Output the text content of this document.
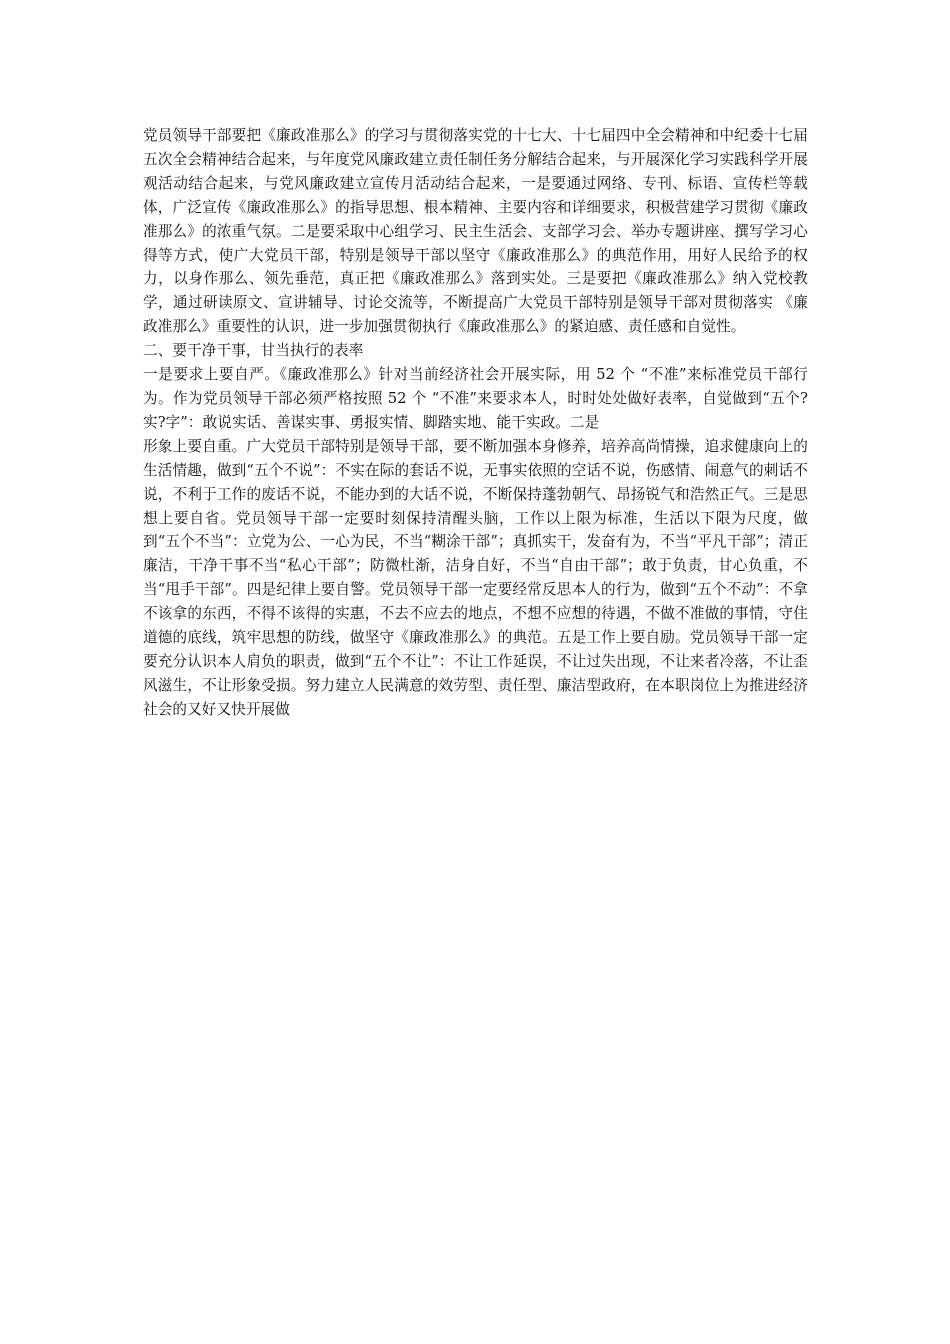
党员领导干部要把《廉政准那么》的学习与贯彻落实党的十七大、十七届四中全会精神和中纪委十七届五次全会精神结合起来，与年度党风廉政建立责任制任务分解结合起来，与开展深化学习实践科学开展观活动结合起来，与党风廉政建立宣传月活动结合起来，一是要通过网络、专刊、标语、宣传栏等载体，广泛宣传《廉政准那么》的指导思想、根本精神、主要内容和详细要求，积极营建学习贯彻《廉政准那么》的浓重气氛。二是要采取中心组学习、民主生活会、支部学习会、举办专题讲座、撰写学习心得等方式，使广大党员干部，特别是领导干部以坚守《廉政准那么》的典范作用，用好人民给予的权力，以身作那么、领先垂范，真正把《廉政准那么》落到实处。三是要把《廉政准那么》纳入党校教学，通过研读原文、宣讲辅导、讨论交流等，不断提高广大党员干部特别是领导干部对贯彻落实 《廉政准那么》重要性的认识，进一步加强贯彻执行《廉政准那么》的紧迫感、责任感和自觉性。

二、要干净干事，甘当执行的表率

一是要求上要自严。《廉政准那么》针对当前经济社会开展实际，用 52 个 “不准”来标准党员干部行为。作为党员领导干部必须严格按照 52 个 “不准”来要求本人，时时处处做好表率，自觉做到“五个?实?字”：敢说实话、善谋实事、勇报实情、脚踏实地、能干实政。二是

形象上要自重。广大党员干部特别是领导干部，要不断加强本身修养，培养高尚情操，追求健康向上的生活情趣，做到“五个不说”：不实在际的套话不说，无事实依照的空话不说，伤感情、闹意气的刺话不说，不利于工作的废话不说，不能办到的大话不说，不断保持蓬勃朝气、昂扬锐气和浩然正气。三是思想上要自省。党员领导干部一定要时刻保持清醒头脑，工作以上限为标准，生活以下限为尺度，做到“五个不当”：立党为公、一心为民，不当“糊涂干部”；真抓实干，发奋有为，不当“平凡干部”；清正廉洁，干净干事不当“私心干部”；防微杜渐，洁身自好，不当“自由干部”；敢于负责，甘心负重，不当“甩手干部”。四是纪律上要自警。党员领导干部一定要经常反思本人的行为，做到“五个不动”：不拿不该拿的东西，不得不该得的实惠，不去不应去的地点，不想不应想的待遇，不做不准做的事情，守住道德的底线，筑牢思想的防线，做坚守《廉政准那么》的典范。五是工作上要自励。党员领导干部一定要充分认识本人肩负的职责，做到“五个不让”：不让工作延误，不让过失出现，不让来者冷落，不让歪风滋生，不让形象受损。努力建立人民满意的效劳型、责任型、廉洁型政府，在本职岗位上为推进经济社会的又好又快开展做
